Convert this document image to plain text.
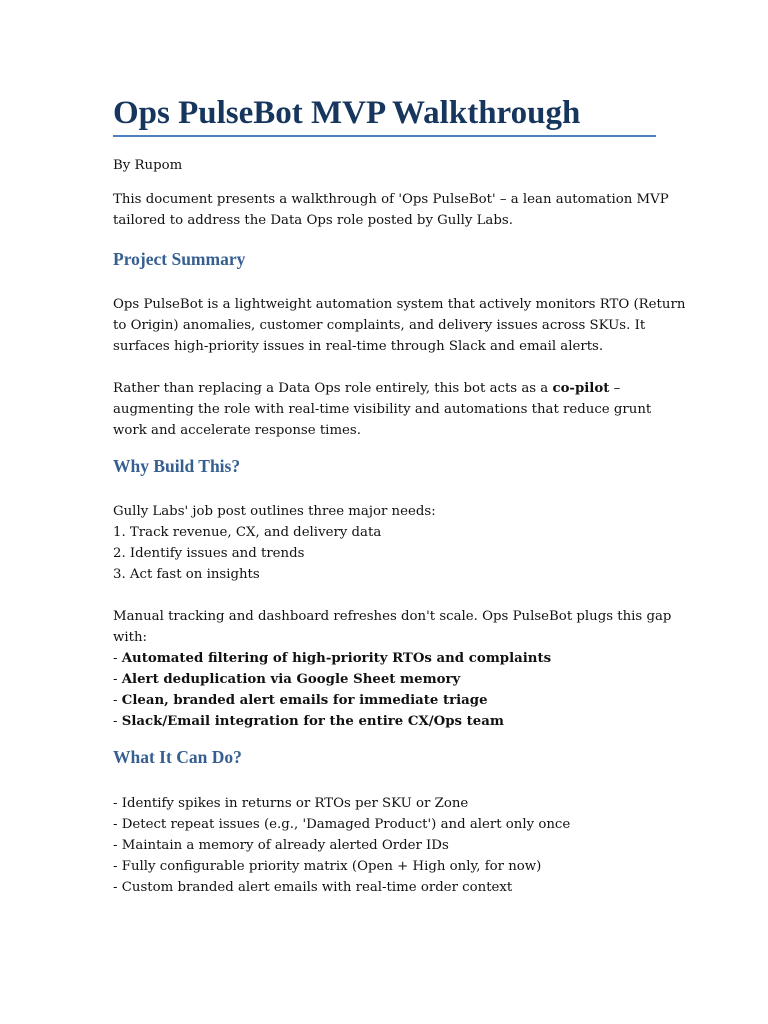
Ops PulseBot MVP Walkthrough

By Rupom

This document presents a walkthrough of 'Ops PulseBot' – a lean automation MVP
tailored to address the Data Ops role posted by Gully Labs.

Project Summary

Ops PulseBot is a lightweight automation system that actively monitors RTO (Return
to Origin) anomalies, customer complaints, and delivery issues across SKUs. It
surfaces high-priority issues in real-time through Slack and email alerts.

Rather than replacing a Data Ops role entirely, this bot acts as a co-pilot –
augmenting the role with real-time visibility and automations that reduce grunt
work and accelerate response times.

Why Build This?

Gully Labs' job post outlines three major needs:
1. Track revenue, CX, and delivery data
2. Identify issues and trends
3. Act fast on insights

Manual tracking and dashboard refreshes don't scale. Ops PulseBot plugs this gap
with:
- Automated filtering of high-priority RTOs and complaints
- Alert deduplication via Google Sheet memory
- Clean, branded alert emails for immediate triage
- Slack/Email integration for the entire CX/Ops team

What It Can Do?

- Identify spikes in returns or RTOs per SKU or Zone
- Detect repeat issues (e.g., 'Damaged Product') and alert only once
- Maintain a memory of already alerted Order IDs
- Fully configurable priority matrix (Open + High only, for now)
- Custom branded alert emails with real-time order context
